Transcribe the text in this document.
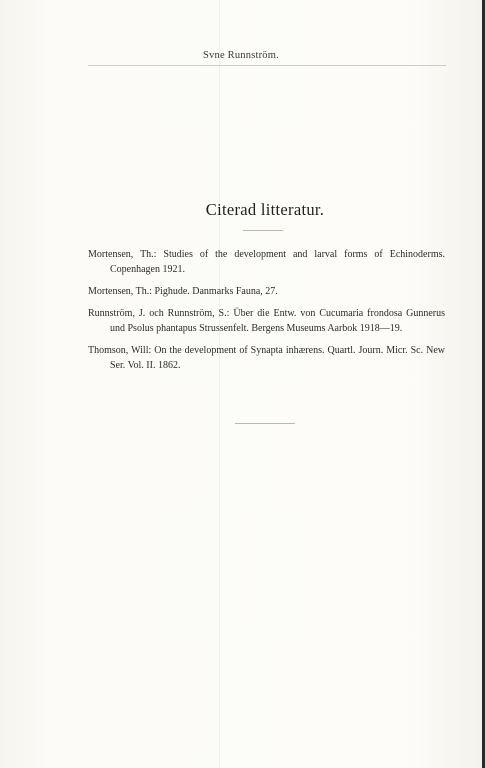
Svne Runnström.
Citerad litteratur.
Mortensen, Th.: Studies of the development and larval forms of Echinoderms. Copenhagen 1921.
Mortensen, Th.: Pighude. Danmarks Fauna, 27.
Runnström, J. och Runnström, S.: Über die Entw. von Cucumaria frondosa Gunnerus und Psolus phantapus Strussenfelt. Bergens Museums Aarbok 1918—19.
Thomson, Will: On the development of Synapta inhærens. Quartl. Journ. Micr. Sc. New Ser. Vol. II. 1862.
